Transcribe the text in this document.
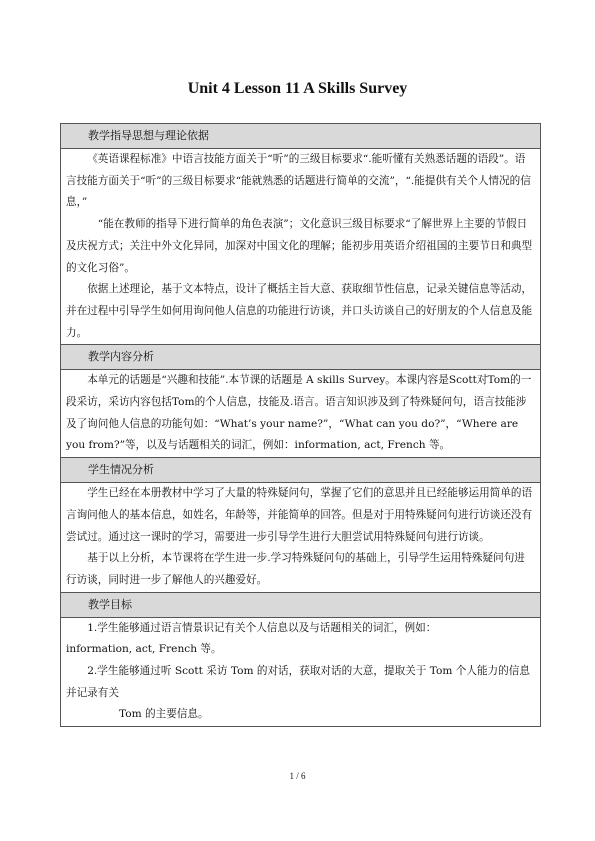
Unit 4 Lesson 11 A Skills Survey
教学指导思想与理论依据

《英语课程标准》中语言技能方面关于“听”的三级目标要求“.能听懂有关熟悉话题的语段”。语言技能方面关于“听”的三级目标要求“能就熟悉的话题进行简单的交流”，“.能提供有关个人情况的信息，”

“能在教师的指导下进行简单的角色表演”；文化意识三级目标要求“了解世界上主要的节假日及庆祝方式；关注中外文化异同，加深对中国文化的理解；能初步用英语介绍祖国的主要节日和典型的文化习俗”。

依据上述理论，基于文本特点，设计了概括主旨大意、获取细节性信息，记录关键信息等活动，并在过程中引导学生如何用询问他人信息的功能进行访谈，并口头访谈自己的好朋友的个人信息及能力。

教学内容分析

本单元的话题是“兴趣和技能”.本节课的话题是 A skills Survey。本课内容是Scott对Tom的一段采访，采访内容包括Tom的个人信息，技能及.语言。语言知识涉及到了特殊疑问句，语言技能涉及了询问他人信息的功能句如：“What’s your name?”，“What can you do?”，“Where are you from?”等，以及与话题相关的词汇，例如：information, act, French 等。

学生情况分析

学生已经在本册教材中学习了大量的特殊疑问句，掌握了它们的意思并且已经能够运用简单的语言询问他人的基本信息，如姓名，年龄等，并能简单的回答。但是对于用特殊疑问句进行访谈还没有尝试过。通过这一课时的学习，需要进一步引导学生进行大胆尝试用特殊疑问句进行访谈。

基于以上分析，本节课将在学生进一步.学习特殊疑问句的基础上，引导学生运用特殊疑问句进行访谈，同时进一步了解他人的兴趣爱好。

教学目标

1.学生能够通过语言情景识记有关个人信息以及与话题相关的词汇，例如：

information, act, French 等。

2.学生能够通过听 Scott 采访 Tom 的对话，获取对话的大意，提取关于 Tom 个人能力的信息并记录有关

Tom 的主要信息。

1 / 6
